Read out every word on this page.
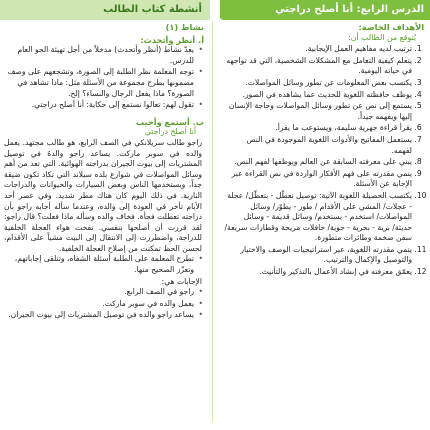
الدرس الرابع: أنا أصلح دراجتي
الأهداف الخاصة:
يُتوقع من الطالب أن:
1. ترتيب لديه مفاهيم العمل الإيجابية.
2. يتعلم كيفية التعامل مع المشكلات الشخصية، التي قد تواجهه في حياته اليومية.
3. يكتسب بعض المعلومات عن تطور وسائل المواصلات.
4. يوظف حافظته اللغوية للحديث عما يشاهده في الصور.
5. يستمع إلى نص عن تطور وسائل المواصلات وحاجة الإنسان إليها ويفهمه جيداً.
6. يقرأ قراءة جهرية سليمة، ويستوعب ما يقرأ.
7. يستعمل المفاتيح والأدوات اللغوية الموجودة في النص لفهمه.
8. يبني على معرفته السابقة عن العالم ويوظفها لفهم النص.
9. ينمي مقدرته على فهم الأفكار الواردة في نص القراءة عبر الإجابة عن الأسئلة.
10. يكتسب الحصيلة اللغوية الآتية: توصيل تعطّل - بتعطّل/ عجلة - عجلات/ المشي على الأقدام / طور - يطوّر/ وسائل المواصلات/ استخدم - يستخدم/ وسائل قديمة - وسائل حديثة/ برية - بحرية - جوية/ حافلات مريحة وقطارات سريعة/ سفن ضخمة وطائرات متطورة.
11. ينمي مقدرته اللغوية، عبر استراتيجيات الوصف والاختيار والتوصيل والإكمال والترتيب.
12. يعمّق معرفته في إنشاد الأعمال بالتذكير والتأنيث.
أنشطة كتاب الطالب
نشاط (١)
أ. أنظر وأتحدث:
• يعدّ نشاط (أنظر وأتحدث) مدخلاً من أجل تهيئة الجو العام للدرس.
• توجه المعلمة نظر الطلبة إلى الصورة، وتشجعهم على وصف مضمونها بطرح مجموعة من الأسئلة مثل: ماذا تشاهد في الصورة؟ ماذا يفعل الرجال والنساء؟ إلخ.
• تقول لهم: تعالوا نستمع إلى حكاية: أنا أصلح دراجتي.
ب. أستمع وأجيب
أنا أصلح دراجتي
راجو طالب سريلانكي في الصف الرابع، هو طالب مجتهد. يعمل والده في سوبر ماركت. يساعد راجو والدهُ في توصيل المشتريات إلى بيوت الجيران بدراجته الهوائية. التي تعد من أهم وسائل المواصلات في شوارع بلده سيلاند التي تكاد تكون ضيقة جداً، ويستخدمها الناس وبعض السيارات والحيوانات والدراجات النارية. في ذلك اليوم كان هناك مطر شديد. وفي عصر أحد الأيام تأخر في العودة إلى والده، وعندما سأله أجابه راجو بأن دراجته تعطلت فجأة. فخاف والده وسأله ماذا فعلت؟ قال راجو: لقد قررت أن أصلحها بنفسي. نفخت هواء العجلة الخلفية للدراجة، واضطررت إلى الانتقال إلى البيت مشياً على الأقدام، لحسن الحظ تمكنت من إصلاح العجلة الخلفية.
• تطرح المعلمة على الطلبة أسئلة الشفاه، وتتلقى إجاباتهم، وتعزّز الصحيح منها.
الإجابات هي:
• راجو في الصف الرابع.
• يعمل والده في سوبر ماركت.
• يساعد راجو والده في توصيل المشتريات إلى بيوت الجيران.
